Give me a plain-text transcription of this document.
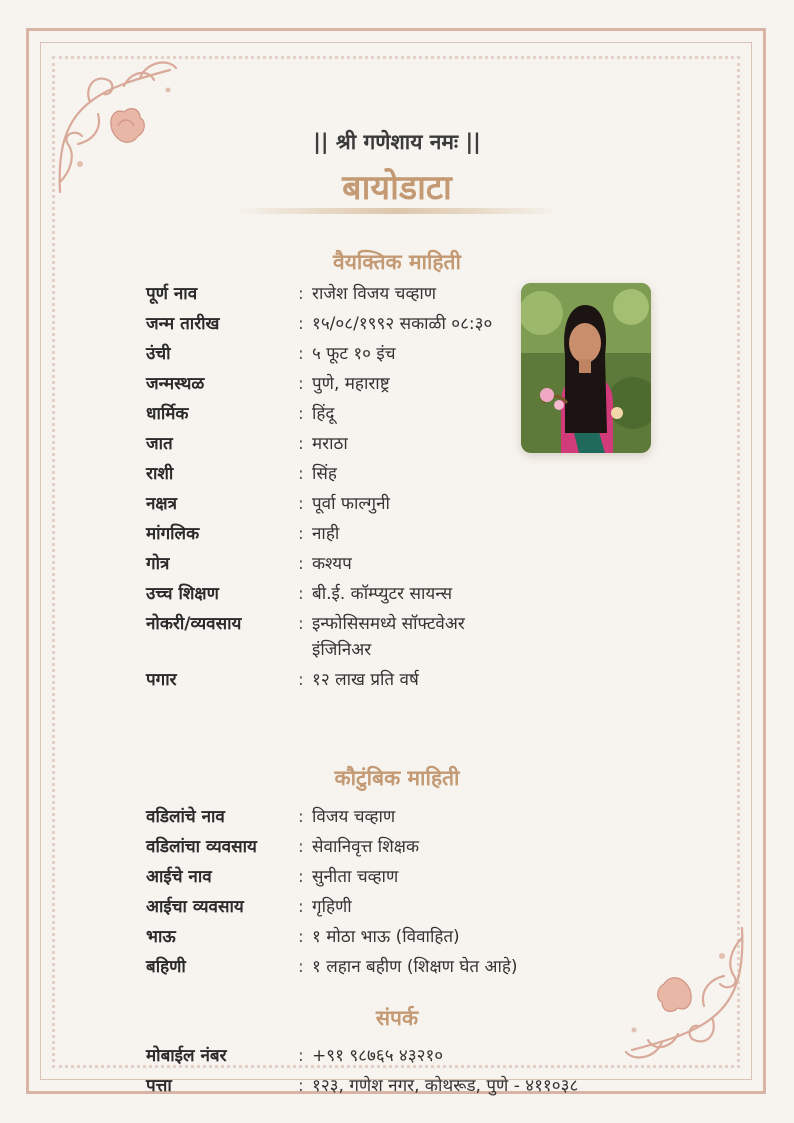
|| श्री गणेशाय नमः ||
बायोडाटा
वैयक्तिक माहिती
पूर्ण नाव	: राजेश विजय चव्हाण
जन्म तारीख	: १५/०८/१९९२ सकाळी ०८:३०
उंची	: ५ फूट १० इंच
जन्मस्थळ	: पुणे, महाराष्ट्र
धार्मिक	: हिंदू
जात	: मराठा
राशी	: सिंह
नक्षत्र	: पूर्वा फाल्गुनी
मांगलिक	: नाही
गोत्र	: कश्यप
उच्च शिक्षण	: बी.ई. कॉम्प्युटर सायन्स
नोकरी/व्यवसाय	: इन्फोसिसमध्ये सॉफ्टवेअर इंजिनिअर
पगार	: १२ लाख प्रति वर्ष
कौटुंबिक माहिती
वडिलांचे नाव	: विजय चव्हाण
वडिलांचा व्यवसाय	: सेवानिवृत्त शिक्षक
आईचे नाव	: सुनीता चव्हाण
आईचा व्यवसाय	: गृहिणी
भाऊ	: १ मोठा भाऊ (विवाहित)
बहिणी	: १ लहान बहीण (शिक्षण घेत आहे)
संपर्क
मोबाईल नंबर	: +९१ ९८७६५ ४३२१०
पत्ता	: १२३, गणेश नगर, कोथरूड, पुणे - ४११०३८
